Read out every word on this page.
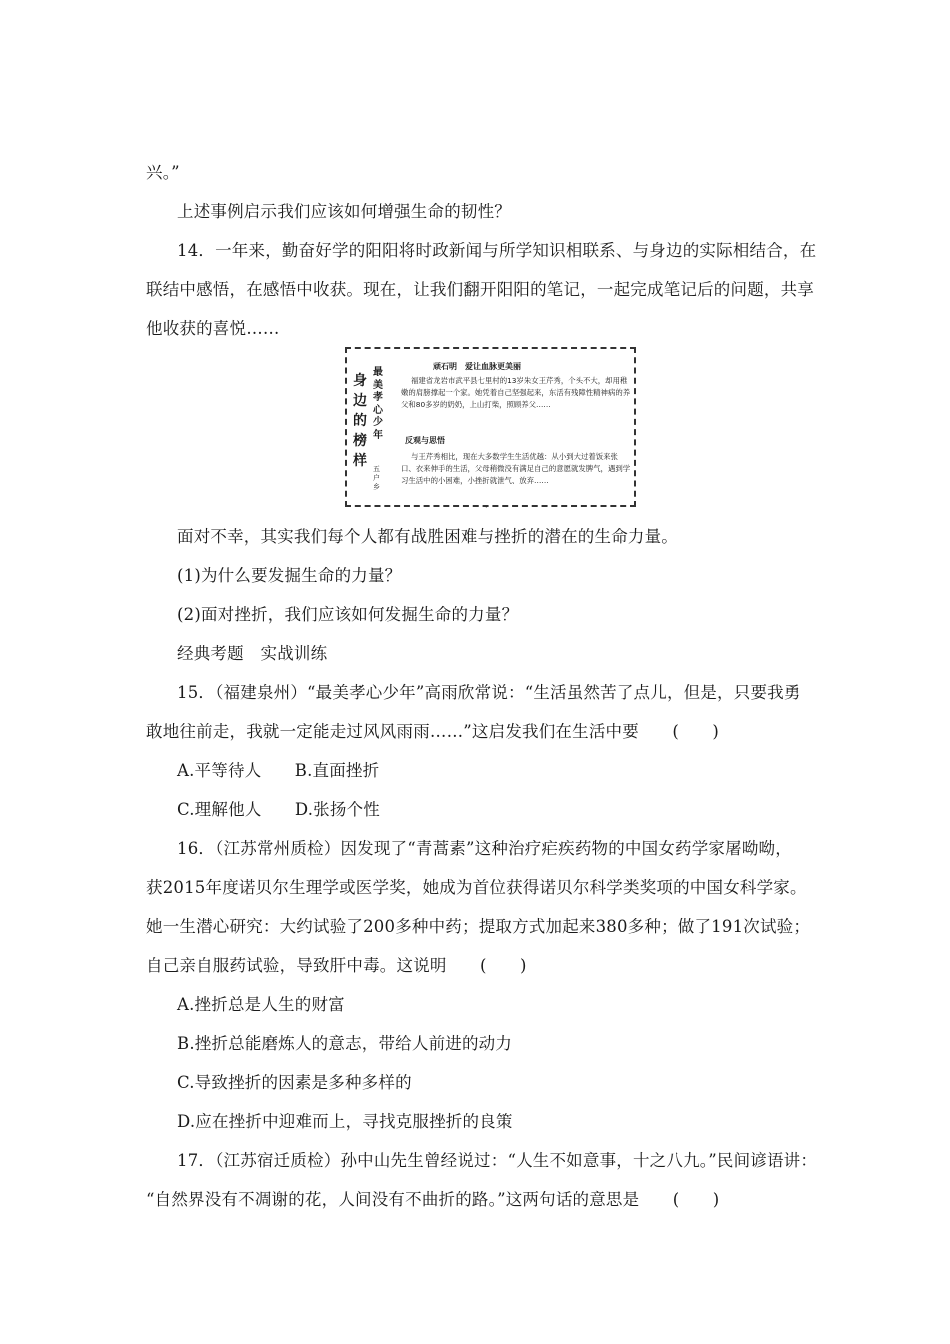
兴。”
上述事例启示我们应该如何增强生命的韧性？
14．一年来，勤奋好学的阳阳将时政新闻与所学知识相联系、与身边的实际相结合，在
联结中感悟，在感悟中收获。现在，让我们翻开阳阳的笔记，一起完成笔记后的问题，共享
他收获的喜悦……
身边的榜样
最美孝心少年
五户乡
顽石明　爱让血脉更美丽
福建省龙岩市武平县七里村的13岁朱女王芹秀，个头不大，却用稚嫩的肩膀撑起一个家。她凭着自己坚强起来，东活有残障性精神病的养父和80多岁的奶奶，上山打柴，照顾养父……
反观与思悟
与王芹秀相比，现在大多数学生生活优越：从小到大过着饭来张口、衣来伸手的生活，父母稍微没有满足自己的意愿就发脾气，遇到学习生活中的小困难，小挫折就泄气、放弃……
·
面对不幸，其实我们每个人都有战胜困难与挫折的潜在的生命力量。
(1)为什么要发掘生命的力量？
(2)面对挫折，我们应该如何发掘生命的力量？
经典考题　实战训练
15．（福建泉州）“最美孝心少年”高雨欣常说：“生活虽然苦了点儿，但是，只要我勇
敢地往前走，我就一定能走过风风雨雨……”这启发我们在生活中要　　(　　)
A.平等待人　　B.直面挫折
C.理解他人　　D.张扬个性
16．（江苏常州质检）因发现了“青蒿素”这种治疗疟疾药物的中国女药学家屠呦呦，
获2015年度诺贝尔生理学或医学奖，她成为首位获得诺贝尔科学类奖项的中国女科学家。
她一生潜心研究：大约试验了200多种中药；提取方式加起来380多种；做了191次试验；
自己亲自服药试验，导致肝中毒。这说明　　(　　)
A.挫折总是人生的财富
B.挫折总能磨炼人的意志，带给人前进的动力
C.导致挫折的因素是多种多样的
D.应在挫折中迎难而上，寻找克服挫折的良策
17．（江苏宿迁质检）孙中山先生曾经说过：“人生不如意事，十之八九。”民间谚语讲：
“自然界没有不凋谢的花，人间没有不曲折的路。”这两句话的意思是　　(　　)
